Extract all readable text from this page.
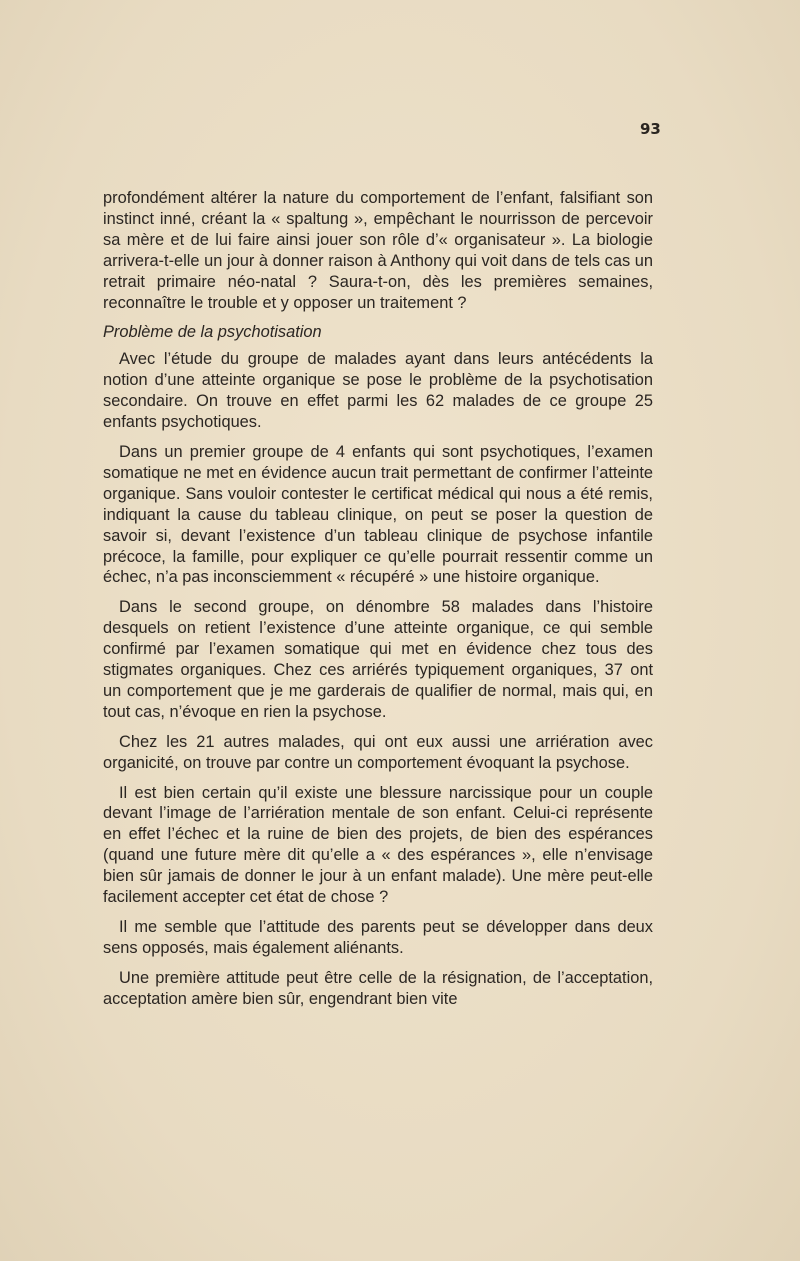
93

profondément altérer la nature du comportement de l’enfant, falsifiant son instinct inné, créant la « spaltung », empêchant le nourrisson de percevoir sa mère et de lui faire ainsi jouer son rôle d’« organisateur ». La biologie arrivera-t-elle un jour à donner raison à Anthony qui voit dans de tels cas un retrait primaire néo-natal ? Saura-t-on, dès les premières semaines, reconnaître le trouble et y opposer un traitement ?

Problème de la psychotisation

Avec l’étude du groupe de malades ayant dans leurs antécédents la notion d’une atteinte organique se pose le problème de la psychotisation secondaire. On trouve en effet parmi les 62 malades de ce groupe 25 enfants psychotiques.

Dans un premier groupe de 4 enfants qui sont psychotiques, l’examen somatique ne met en évidence aucun trait permettant de confirmer l’atteinte organique. Sans vouloir contester le certificat médical qui nous a été remis, indiquant la cause du tableau clinique, on peut se poser la question de savoir si, devant l’existence d’un tableau clinique de psychose infantile précoce, la famille, pour expliquer ce qu’elle pourrait ressentir comme un échec, n’a pas inconsciemment « récupéré » une histoire organique.

Dans le second groupe, on dénombre 58 malades dans l’histoire desquels on retient l’existence d’une atteinte organique, ce qui semble confirmé par l’examen somatique qui met en évidence chez tous des stigmates organiques. Chez ces arriérés typiquement organiques, 37 ont un comportement que je me garderais de qualifier de normal, mais qui, en tout cas, n’évoque en rien la psychose.

Chez les 21 autres malades, qui ont eux aussi une arriération avec organicité, on trouve par contre un comportement évoquant la psychose.

Il est bien certain qu’il existe une blessure narcissique pour un couple devant l’image de l’arriération mentale de son enfant. Celui-ci représente en effet l’échec et la ruine de bien des projets, de bien des espérances (quand une future mère dit qu’elle a « des espérances », elle n’envisage bien sûr jamais de donner le jour à un enfant malade). Une mère peut-elle facilement accepter cet état de chose ?

Il me semble que l’attitude des parents peut se développer dans deux sens opposés, mais également aliénants.

Une première attitude peut être celle de la résignation, de l’acceptation, acceptation amère bien sûr, engendrant bien vite
